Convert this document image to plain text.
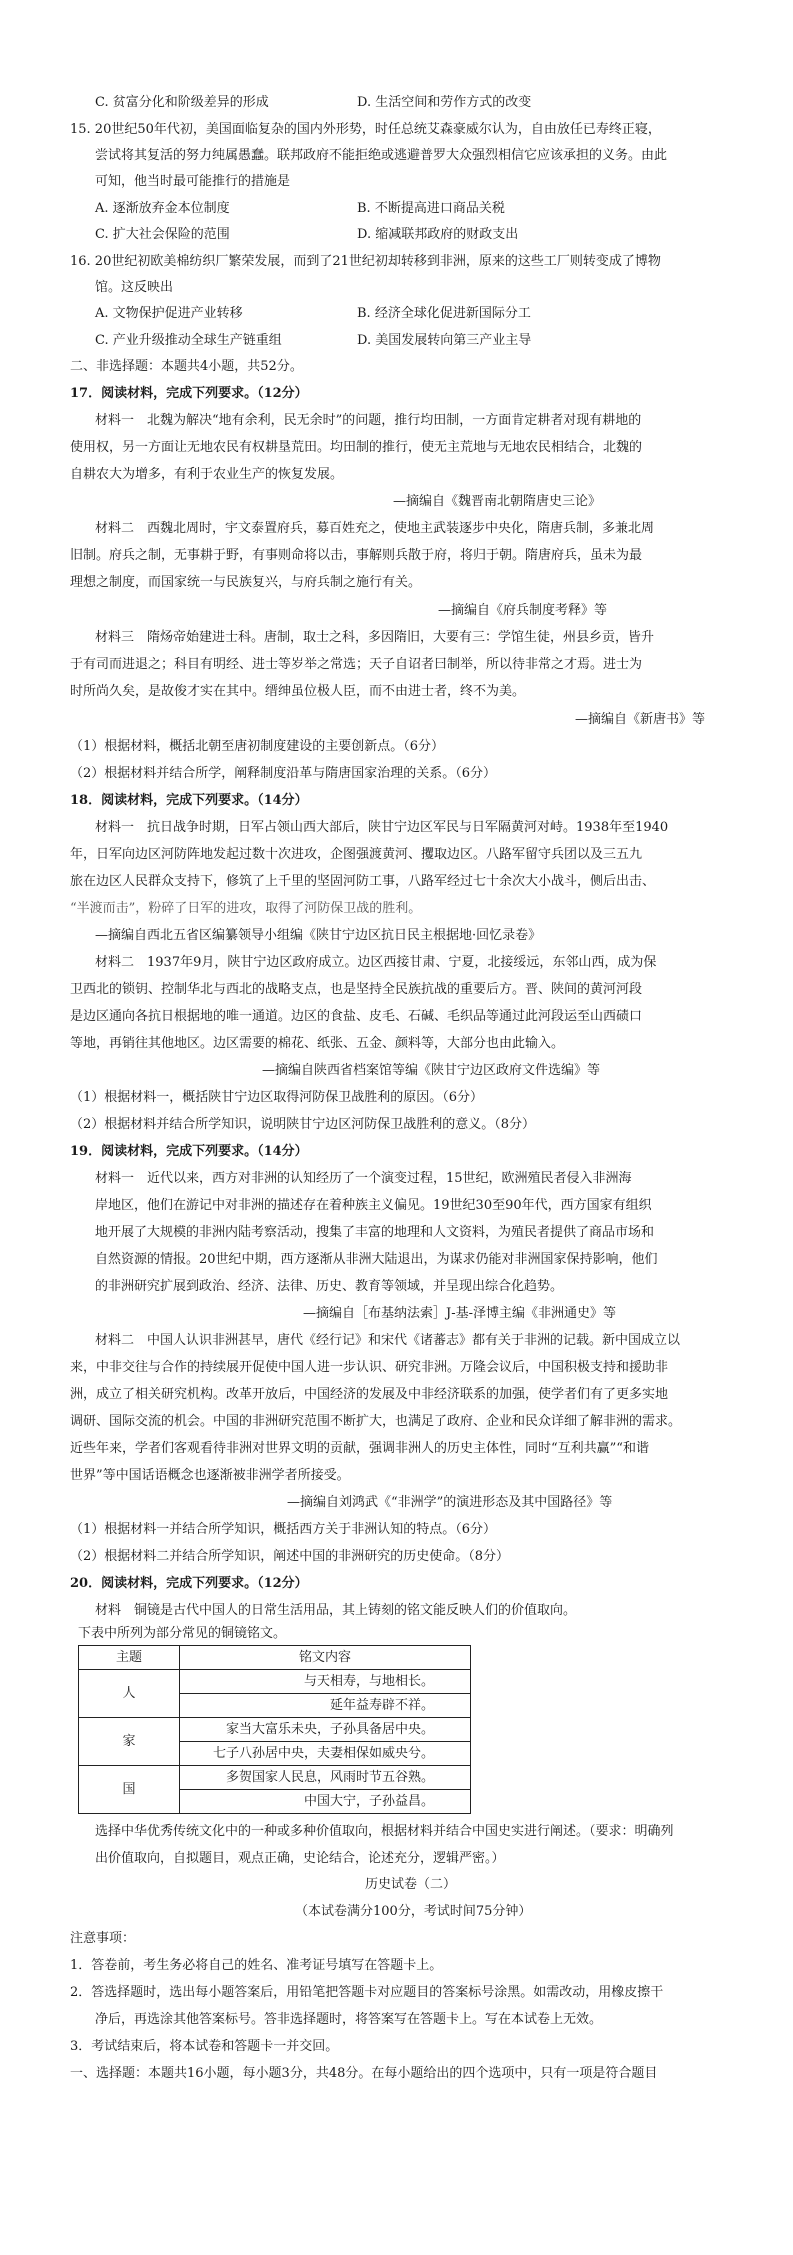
C. 贫富分化和阶级差异的形成	D. 生活空间和劳作方式的改变
15. 20世纪50年代初，美国面临复杂的国内外形势，时任总统艾森豪威尔认为，自由放任已寿终正寝，
尝试将其复活的努力纯属愚蠢。联邦政府不能拒绝或逃避普罗大众强烈相信它应该承担的义务。由此
可知，他当时最可能推行的措施是
A. 逐渐放弃金本位制度	B. 不断提高进口商品关税
C. 扩大社会保险的范围	D. 缩减联邦政府的财政支出
16. 20世纪初欧美棉纺织厂繁荣发展，而到了21世纪初却转移到非洲，原来的这些工厂则转变成了博物
馆。这反映出
A. 文物保护促进产业转移	B. 经济全球化促进新国际分工
C. 产业升级推动全球生产链重组	D. 美国发展转向第三产业主导
二、非选择题：本题共4小题，共52分。
17．阅读材料，完成下列要求。（12分）
材料一　北魏为解决“地有余利，民无余时”的问题，推行均田制，一方面肯定耕者对现有耕地的
使用权，另一方面让无地农民有权耕垦荒田。均田制的推行，使无主荒地与无地农民相结合，北魏的
自耕农大为增多，有利于农业生产的恢复发展。
—摘编自《魏晋南北朝隋唐史三论》
材料二　西魏北周时，宇文泰置府兵，募百姓充之，使地主武装逐步中央化，隋唐兵制，多兼北周
旧制。府兵之制，无事耕于野，有事则命将以击，事解则兵散于府，将归于朝。隋唐府兵，虽未为最
理想之制度，而国家统一与民族复兴，与府兵制之施行有关。
—摘编自《府兵制度考释》等
材料三　隋炀帝始建进士科。唐制，取士之科，多因隋旧，大要有三：学馆生徒，州县乡贡，皆升
于有司而进退之；科目有明经、进士等岁举之常选；天子自诏者曰制举，所以待非常之才焉。进士为
时所尚久矣，是故俊才实在其中。缙绅虽位极人臣，而不由进士者，终不为美。
—摘编自《新唐书》等
（1）根据材料，概括北朝至唐初制度建设的主要创新点。（6分）
（2）根据材料并结合所学，阐释制度沿革与隋唐国家治理的关系。（6分）
18．阅读材料，完成下列要求。（14分）
材料一　抗日战争时期，日军占领山西大部后，陕甘宁边区军民与日军隔黄河对峙。1938年至1940
年，日军向边区河防阵地发起过数十次进攻，企图强渡黄河、攫取边区。八路军留守兵团以及三五九
旅在边区人民群众支持下，修筑了上千里的坚固河防工事，八路军经过七十余次大小战斗，侧后出击、
“半渡而击”，粉碎了日军的进攻，取得了河防保卫战的胜利。
—摘编自西北五省区编纂领导小组编《陕甘宁边区抗日民主根据地·回忆录卷》
材料二　1937年9月，陕甘宁边区政府成立。边区西接甘肃、宁夏，北接绥远，东邻山西，成为保
卫西北的锁钥、控制华北与西北的战略支点，也是坚持全民族抗战的重要后方。晋、陕间的黄河河段
是边区通向各抗日根据地的唯一通道。边区的食盐、皮毛、石碱、毛织品等通过此河段运至山西碛口
等地，再销往其他地区。边区需要的棉花、纸张、五金、颜料等，大部分也由此输入。
—摘编自陕西省档案馆等编《陕甘宁边区政府文件选编》等
（1）根据材料一，概括陕甘宁边区取得河防保卫战胜利的原因。（6分）
（2）根据材料并结合所学知识，说明陕甘宁边区河防保卫战胜利的意义。（8分）
19．阅读材料，完成下列要求。（14分）
材料一　近代以来，西方对非洲的认知经历了一个演变过程，15世纪，欧洲殖民者侵入非洲海
岸地区，他们在游记中对非洲的描述存在着种族主义偏见。19世纪30至90年代，西方国家有组织
地开展了大规模的非洲内陆考察活动，搜集了丰富的地理和人文资料，为殖民者提供了商品市场和
自然资源的情报。20世纪中期，西方逐渐从非洲大陆退出，为谋求仍能对非洲国家保持影响，他们
的非洲研究扩展到政治、经济、法律、历史、教育等领域，并呈现出综合化趋势。
—摘编自［布基纳法索］J-基-泽博主编《非洲通史》等
材料二　中国人认识非洲甚早，唐代《经行记》和宋代《诸蕃志》都有关于非洲的记载。新中国成立以
来，中非交往与合作的持续展开促使中国人进一步认识、研究非洲。万隆会议后，中国积极支持和援助非
洲，成立了相关研究机构。改革开放后，中国经济的发展及中非经济联系的加强，使学者们有了更多实地
调研、国际交流的机会。中国的非洲研究范围不断扩大，也满足了政府、企业和民众详细了解非洲的需求。
近些年来，学者们客观看待非洲对世界文明的贡献，强调非洲人的历史主体性，同时“互利共赢”“和谐
世界”等中国话语概念也逐渐被非洲学者所接受。
—摘编自刘鸿武《“非洲学”的演进形态及其中国路径》等
（1）根据材料一并结合所学知识，概括西方关于非洲认知的特点。（6分）
（2）根据材料二并结合所学知识，阐述中国的非洲研究的历史使命。（8分）
20．阅读材料，完成下列要求。（12分）
材料　铜镜是古代中国人的日常生活用品，其上铸刻的铭文能反映人们的价值取向。
下表中所列为部分常见的铜镜铭文。
主题	铭文内容
人	与天相寿，与地相长。
	延年益寿辟不祥。
家	家当大富乐未央，子孙具备居中央。
	七子八孙居中央，夫妻相保如威央兮。
国	多贺国家人民息，风雨时节五谷熟。
	中国大宁，子孙益昌。
选择中华优秀传统文化中的一种或多种价值取向，根据材料并结合中国史实进行阐述。（要求：明确列
出价值取向，自拟题目，观点正确，史论结合，论述充分，逻辑严密。）
历史试卷（二）
（本试卷满分100分，考试时间75分钟）
注意事项：
1．答卷前，考生务必将自己的姓名、准考证号填写在答题卡上。
2．答选择题时，选出每小题答案后，用铅笔把答题卡对应题目的答案标号涂黑。如需改动，用橡皮擦干
净后，再选涂其他答案标号。答非选择题时，将答案写在答题卡上。写在本试卷上无效。
3．考试结束后，将本试卷和答题卡一并交回。
一、选择题：本题共16小题，每小题3分，共48分。在每小题给出的四个选项中，只有一项是符合题目
